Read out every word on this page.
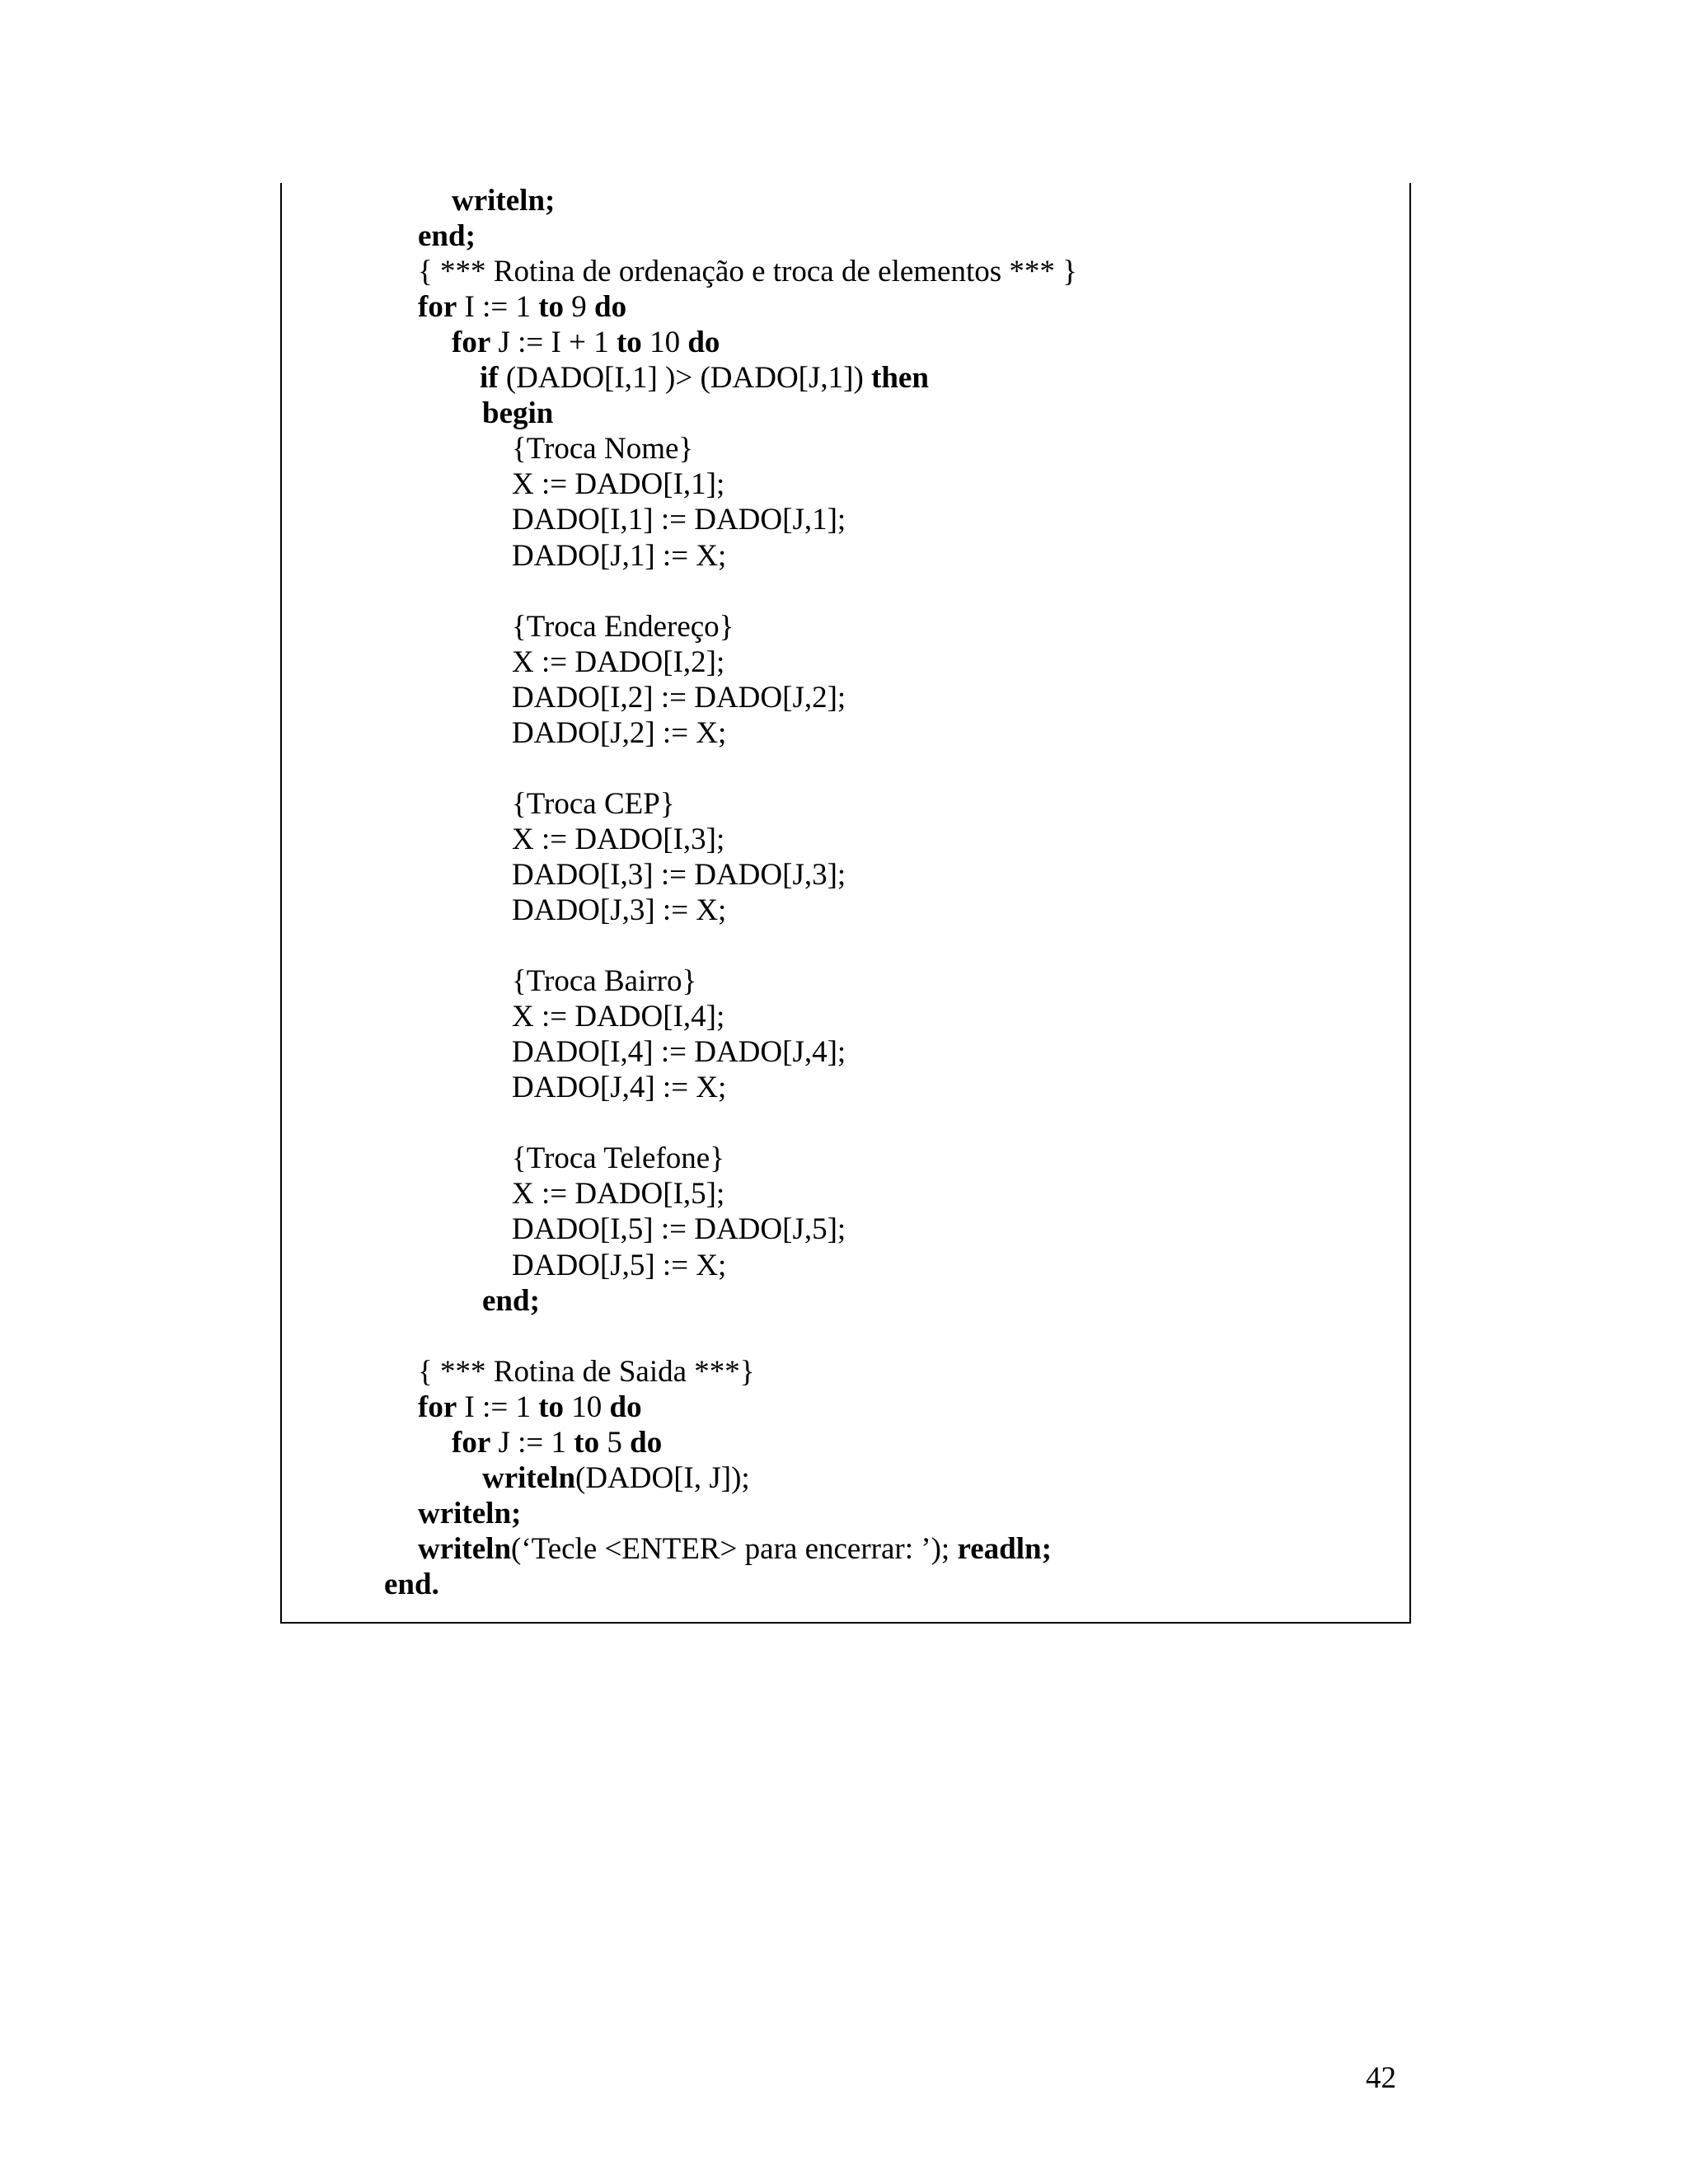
writeln;
end;
{ *** Rotina de ordenação e troca de elementos *** }
for I := 1 to 9 do
for J := I + 1 to 10 do
if (DADO[I,1] )> (DADO[J,1]) then
begin
{Troca Nome}
X := DADO[I,1];
DADO[I,1] := DADO[J,1];
DADO[J,1] := X;
{Troca Endereço}
X := DADO[I,2];
DADO[I,2] := DADO[J,2];
DADO[J,2] := X;
{Troca CEP}
X := DADO[I,3];
DADO[I,3] := DADO[J,3];
DADO[J,3] := X;
{Troca Bairro}
X := DADO[I,4];
DADO[I,4] := DADO[J,4];
DADO[J,4] := X;
{Troca Telefone}
X := DADO[I,5];
DADO[I,5] := DADO[J,5];
DADO[J,5] := X;
end;
{ *** Rotina de Saida ***}
for I := 1 to 10 do
for J := 1 to 5 do
writeln(DADO[I, J]);
writeln;
writeln(‘Tecle <ENTER> para encerrar: ’); readln;
end.
42
